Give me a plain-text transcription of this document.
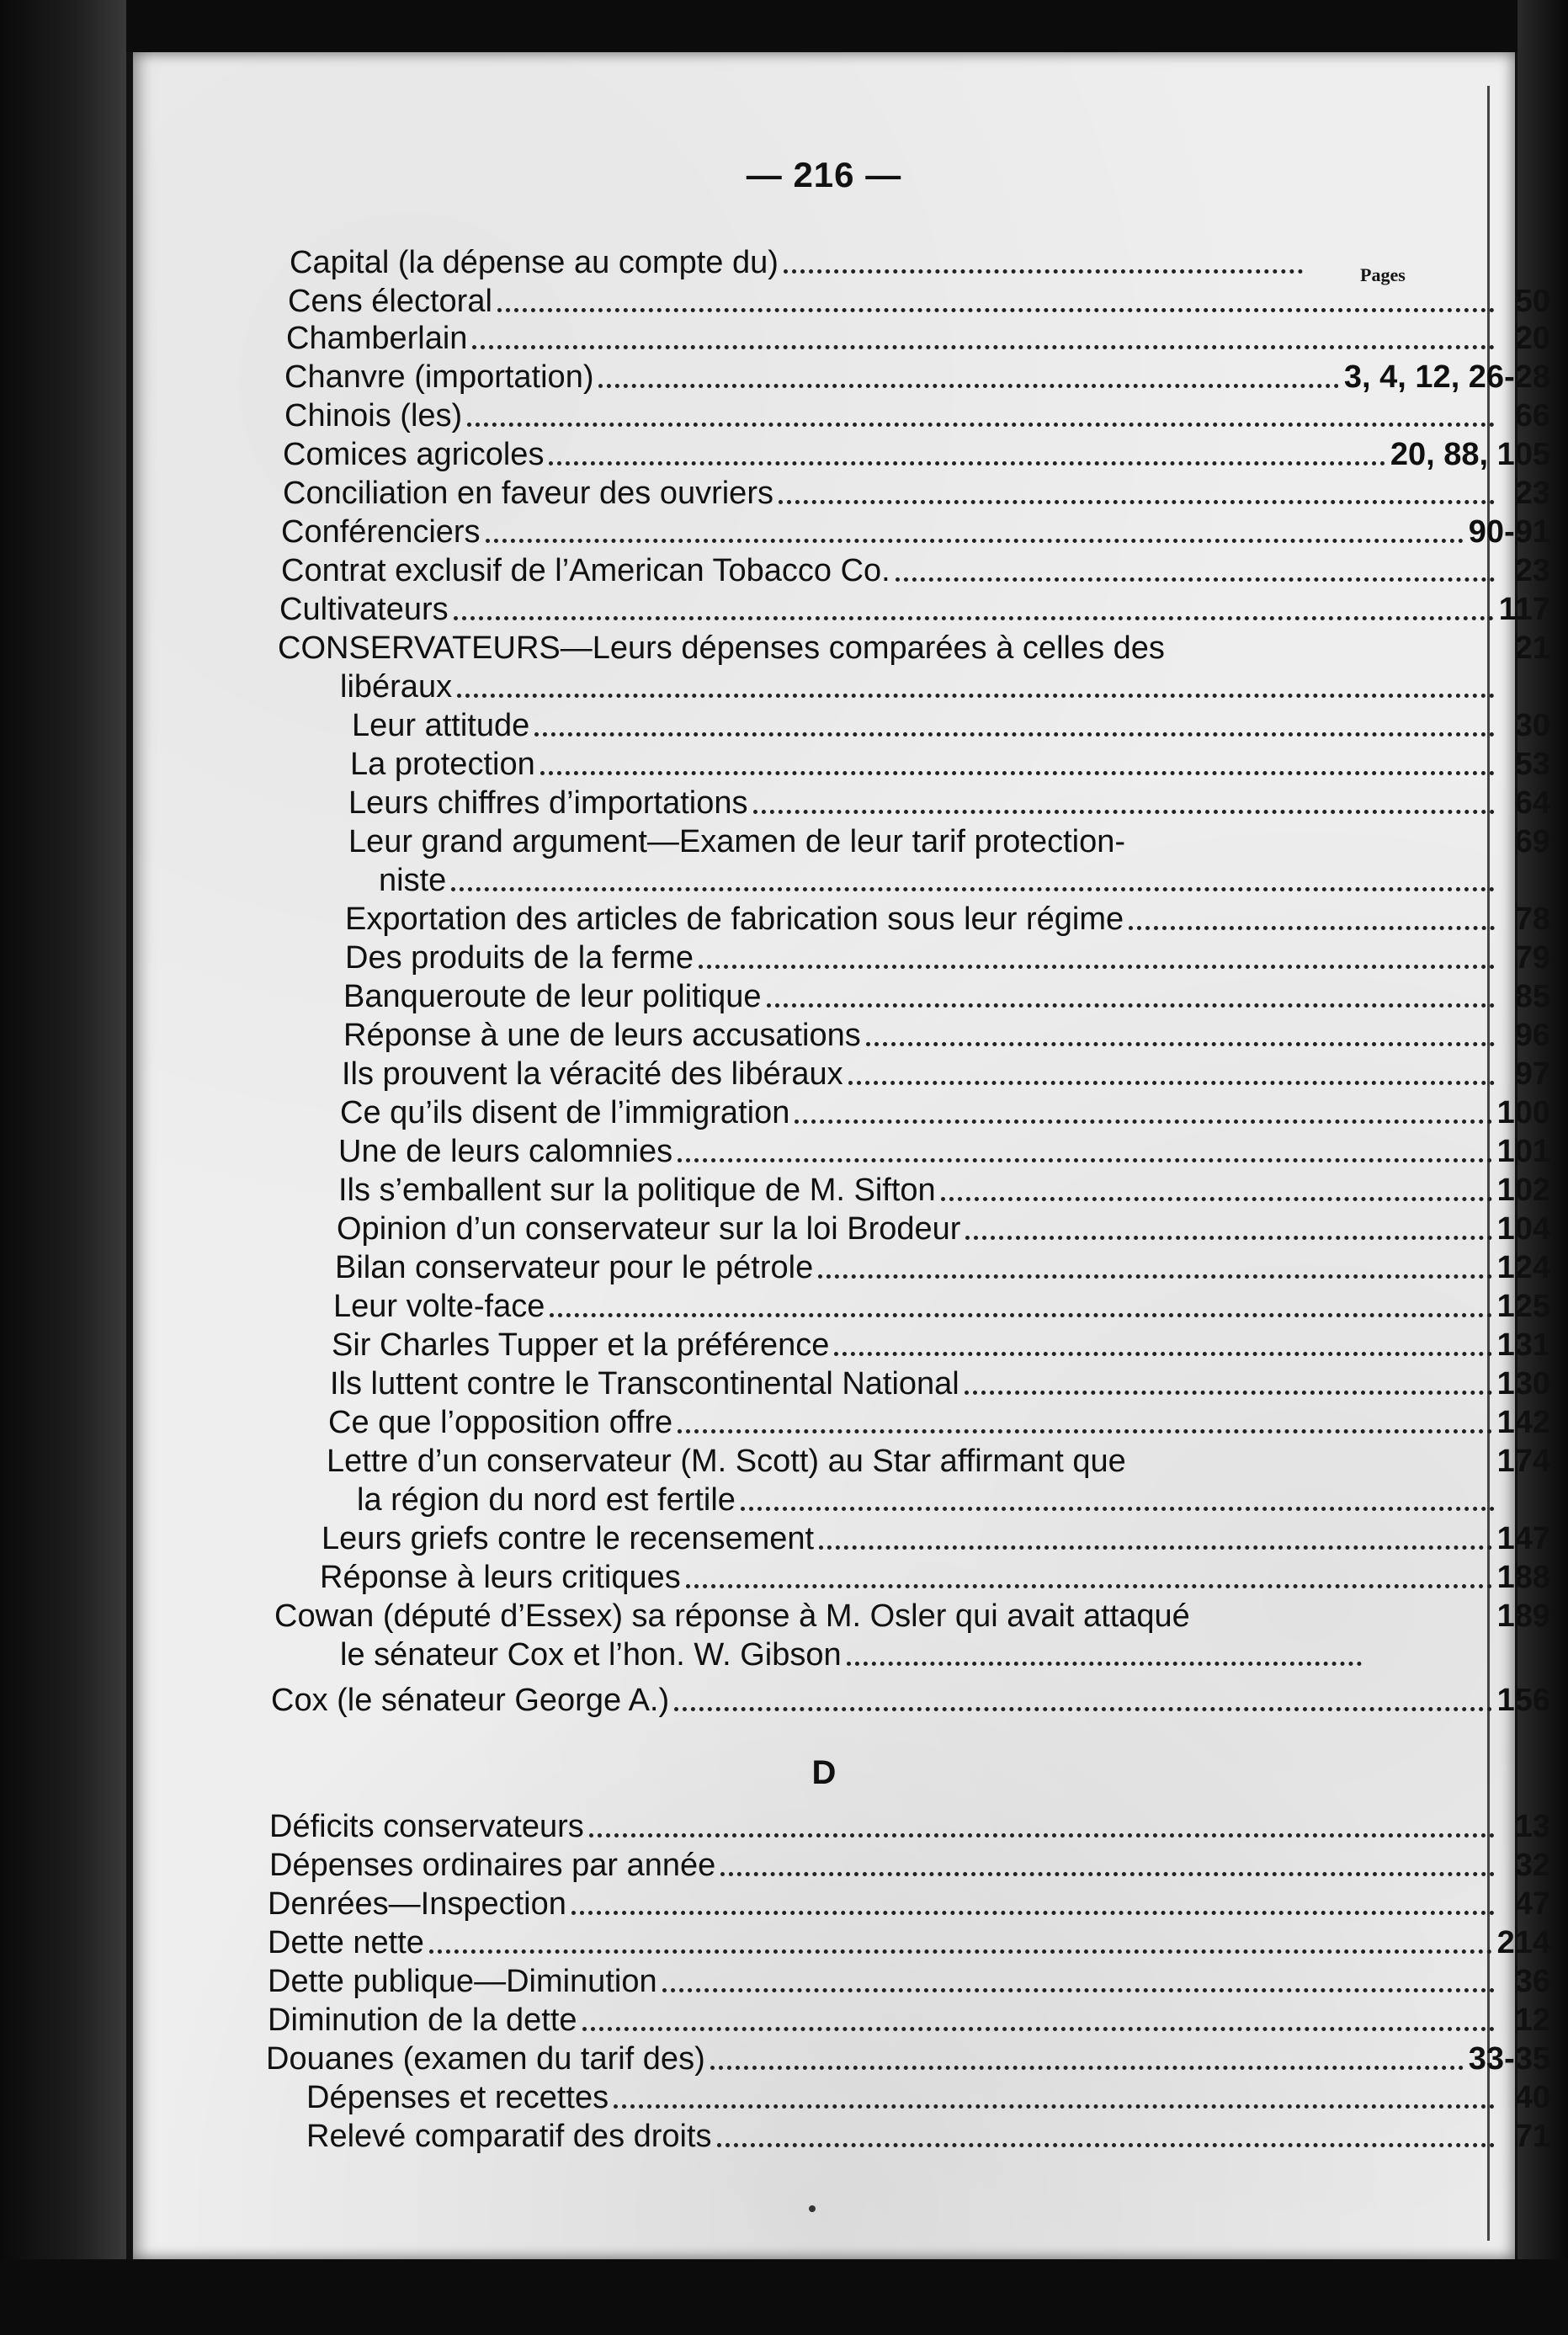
— 216 —
Pages
Capital (la dépense au compte du)
Cens électoral	50
Chamberlain	20
Chanvre (importation)	3, 4, 12, 26-28
Chinois (les)	66
Comices agricoles	20, 88, 105
Conciliation en faveur des ouvriers	23
Conférenciers	90-91
Contrat exclusif de l’American Tobacco Co.	23
Cultivateurs	117
CONSERVATEURS—Leurs dépenses comparées à celles des	21
libéraux
Leur attitude	30
La protection	53
Leurs chiffres d’importations	64
Leur grand argument—Examen de leur tarif protection-	69
niste
Exportation des articles de fabrication sous leur régime	78
Des produits de la ferme	79
Banqueroute de leur politique	85
Réponse à une de leurs accusations	96
Ils prouvent la véracité des libéraux	97
Ce qu’ils disent de l’immigration	100
Une de leurs calomnies	101
Ils s’emballent sur la politique de M. Sifton	102
Opinion d’un conservateur sur la loi Brodeur	104
Bilan conservateur pour le pétrole	124
Leur volte-face	125
Sir Charles Tupper et la préférence	131
Ils luttent contre le Transcontinental National	130
Ce que l’opposition offre	142
Lettre d’un conservateur (M. Scott) au Star affirmant que	174
la région du nord est fertile
Leurs griefs contre le recensement	147
Réponse à leurs critiques	188
Cowan (député d’Essex) sa réponse à M. Osler qui avait attaqué	189
le sénateur Cox et l’hon. W. Gibson
Cox (le sénateur George A.)	156
D
Déficits conservateurs	13
Dépenses ordinaires par année	32
Denrées—Inspection	47
Dette nette	214
Dette publique—Diminution	36
Diminution de la dette	12
Douanes (examen du tarif des)	33-35
Dépenses et recettes	40
Relevé comparatif des droits	71
